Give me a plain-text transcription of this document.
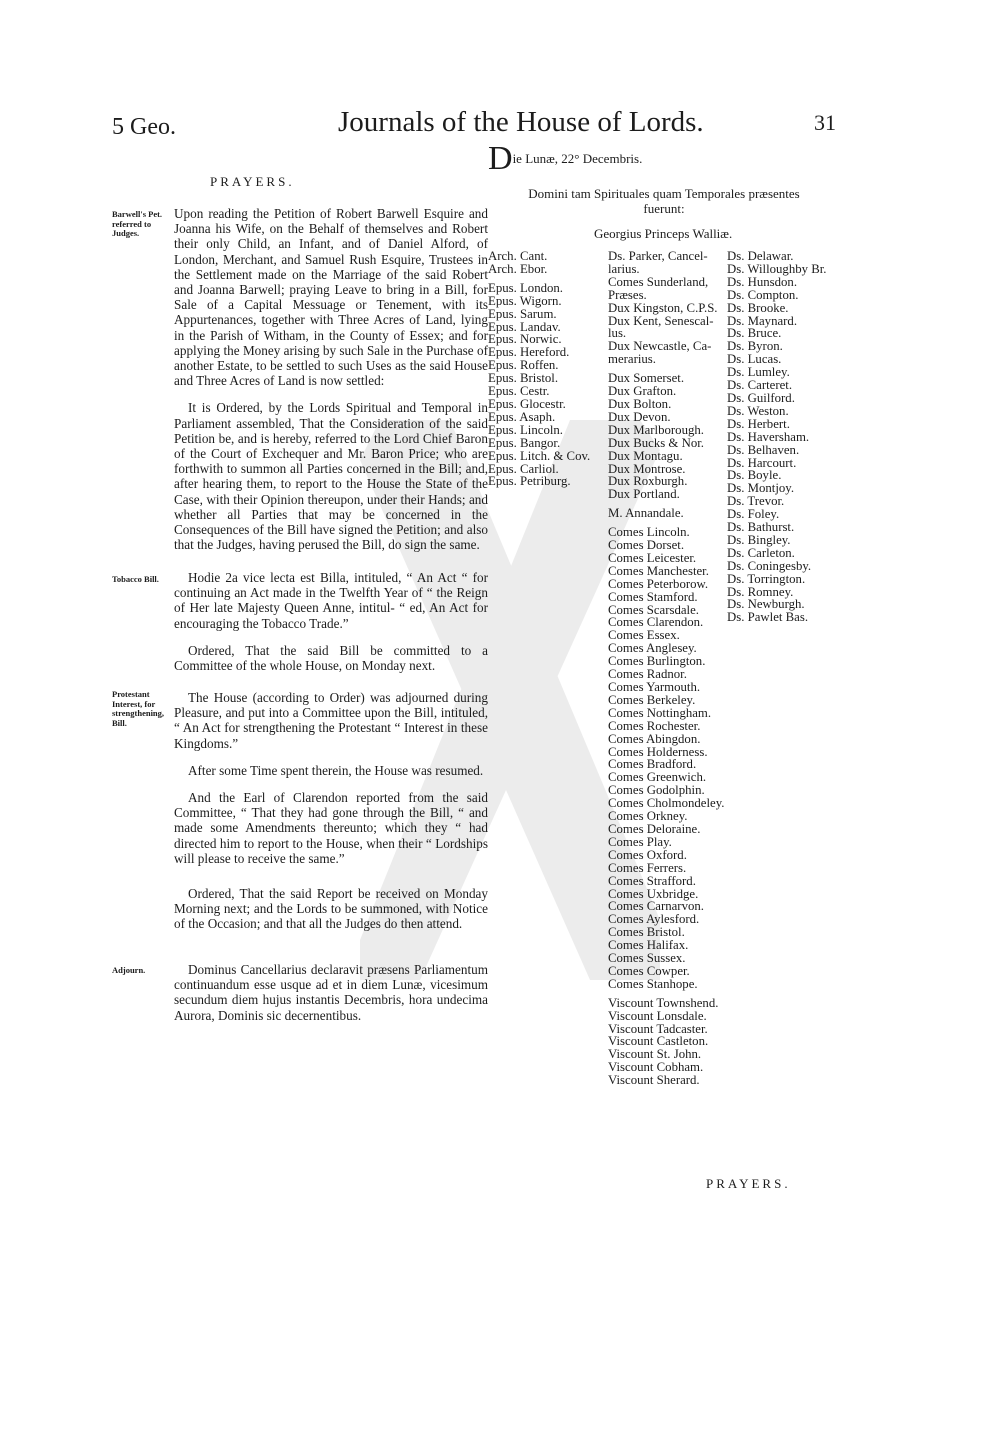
5 Geo.	Journals of the House of Lords.	31
PRAYERS.
Barwell's Pet. referred to Judges.

Upon reading the Petition of Robert Barwell Esquire and Joanna his Wife, on the Behalf of themselves and Robert their only Child, an Infant, and of Daniel Alford, of London, Merchant, and Samuel Rush Esquire, Trustees in the Settlement made on the Marriage of the said Robert and Joanna Barwell; praying Leave to bring in a Bill, for Sale of a Capital Messuage or Tenement, with its Appurtenances, together with Three Acres of Land, lying in the Parish of Witham, in the County of Essex; and for applying the Money arising by such Sale in the Purchase of another Estate, to be settled to such Uses as the said House and Three Acres of Land is now settled:

It is Ordered, by the Lords Spiritual and Temporal in Parliament assembled, That the Consideration of the said Petition be, and is hereby, referred to the Lord Chief Baron of the Court of Exchequer and Mr. Baron Price; who are forthwith to summon all Parties concerned in the Bill; and, after hearing them, to report to the House the State of the Case, with their Opinion thereupon, under their Hands; and whether all Parties that may be concerned in the Consequences of the Bill have signed the Petition; and also that the Judges, having perused the Bill, do sign the same.

Tobacco Bill.	Hodie 2a vice lecta est Billa, intituled, “ An Act “ for continuing an Act made in the Twelfth Year of “ the Reign of Her late Majesty Queen Anne, intitul- “ ed, An Act for encouraging the Tobacco Trade.”

Ordered, That the said Bill be committed to a Committee of the whole House, on Monday next.

Protestant Interest, for strengthening, Bill.

The House (according to Order) was adjourned during Pleasure, and put into a Committee upon the Bill, intituled, “ An Act for strengthening the Protestant “ Interest in these Kingdoms.”

After some Time spent therein, the House was resumed.

And the Earl of Clarendon reported from the said Committee, “ That they had gone through the Bill, “ and made some Amendments thereunto; which they “ had directed him to report to the House, when their “ Lordships will please to receive the same.”

Ordered, That the said Report be received on Monday Morning next; and the Lords to be summoned, with Notice of the Occasion; and that all the Judges do then attend.

Adjourn.	Dominus Cancellarius declaravit præsens Parliamentum continuandum esse usque ad et in diem Lunæ, vicesimum secundum diem hujus instantis Decembris, hora undecima Aurora, Dominis sic decernentibus.

Die Lunæ, 22° Decembris.
Domini tam Spirituales quam Temporales præsentes fuerunt:
Georgius Princeps Walliæ.
Arch. Cant.
Arch. Ebor.
Epus. London.
Epus. Wigorn.
Epus. Sarum.
Epus. Landav.
Epus. Norwic.
Epus. Hereford.
Epus. Roffen.
Epus. Bristol.
Epus. Cestr.
Epus. Glocestr.
Epus. Asaph.
Epus. Lincoln.
Epus. Bangor.
Epus. Litch. & Cov.
Epus. Carliol.
Epus. Petriburg.
Ds. Parker, Cancel-
larius.
Comes Sunderland,
Præses.
Dux Kingston, C.P.S.
Dux Kent, Senescal-
lus.
Dux Newcastle, Ca-
merarius.
Dux Somerset.
Dux Grafton.
Dux Bolton.
Dux Devon.
Dux Marlborough.
Dux Bucks & Nor.
Dux Montagu.
Dux Montrose.
Dux Roxburgh.
Dux Portland.
M. Annandale.
Comes Lincoln.
Comes Dorset.
Comes Leicester.
Comes Manchester.
Comes Peterborow.
Comes Stamford.
Comes Scarsdale.
Comes Clarendon.
Comes Essex.
Comes Anglesey.
Comes Burlington.
Comes Radnor.
Comes Yarmouth.
Comes Berkeley.
Comes Nottingham.
Comes Rochester.
Comes Abingdon.
Comes Holderness.
Comes Bradford.
Comes Greenwich.
Comes Godolphin.
Comes Cholmondeley.
Comes Orkney.
Comes Deloraine.
Comes Play.
Comes Oxford.
Comes Ferrers.
Comes Strafford.
Comes Uxbridge.
Comes Carnarvon.
Comes Aylesford.
Comes Bristol.
Comes Halifax.
Comes Sussex.
Comes Cowper.
Comes Stanhope.
Viscount Townshend.
Viscount Lonsdale.
Viscount Tadcaster.
Viscount Castleton.
Viscount St. John.
Viscount Cobham.
Viscount Sherard.
Ds. Delawar.
Ds. Willoughby Br.
Ds. Hunsdon.
Ds. Compton.
Ds. Brooke.
Ds. Maynard.
Ds. Bruce.
Ds. Byron.
Ds. Lucas.
Ds. Lumley.
Ds. Carteret.
Ds. Guilford.
Ds. Weston.
Ds. Herbert.
Ds. Haversham.
Ds. Belhaven.
Ds. Harcourt.
Ds. Boyle.
Ds. Montjoy.
Ds. Trevor.
Ds. Foley.
Ds. Bathurst.
Ds. Bingley.
Ds. Carleton.
Ds. Coningesby.
Ds. Torrington.
Ds. Romney.
Ds. Newburgh.
Ds. Pawlet Bas.
PRAYERS.
